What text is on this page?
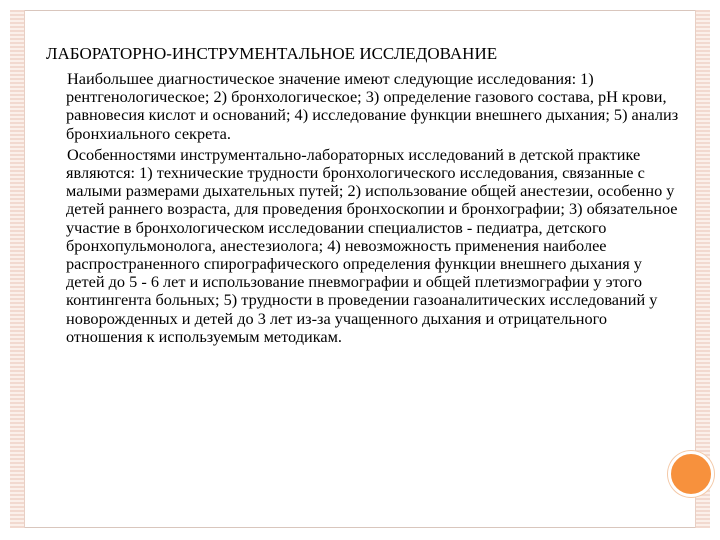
ЛАБОРАТОРНО-ИНСТРУМЕНТАЛЬНОЕ ИССЛЕДОВАНИЕ

Наибольшее диагностическое значение имеют следующие исследования: 1) рентгенологическое; 2) бронхологическое; 3) определение газового состава, рН крови, равновесия кислот и оснований; 4) исследование функции внешнего дыхания; 5) анализ бронхиального секрета.

Особенностями инструментально-лабораторных исследований в детской практике являются: 1) технические трудности бронхологического исследования, связанные с малыми размерами дыхательных путей; 2) использование общей анестезии, особенно у детей раннего возраста, для проведения бронхоскопии и бронхографии; 3) обязательное участие в бронхологическом исследовании специалистов - педиатра, детского бронхопульмонолога, анестезиолога; 4) невозможность применения наиболее распространенного спирографического определения функции внешнего дыхания у детей до 5 - 6 лет и использование пневмографии и общей плетизмографии у этого контингента больных; 5) трудности в проведении газоаналитических исследований у новорожденных и детей до 3 лет из-за учащенного дыхания и отрицательного отношения к используемым методикам.
